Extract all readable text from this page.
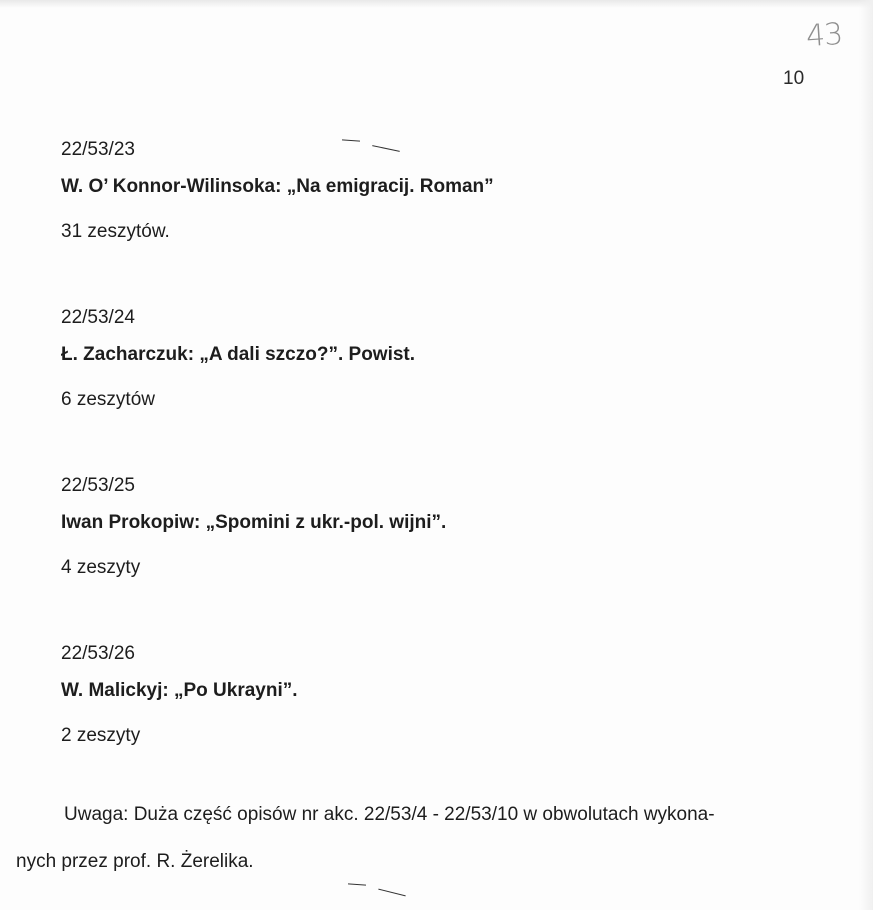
43
10
22/53/23
W. O’ Konnor-Wilinsoka: „Na emigracij. Roman”
31 zeszytów.
22/53/24
Ł. Zacharczuk: „A dali szczo?”. Powist.
6 zeszytów
22/53/25
Iwan Prokopiw: „Spomini z ukr.-pol. wijni”.
4 zeszyty
22/53/26
W. Malickyj: „Po Ukrayni”.
2 zeszyty
Uwaga: Duża część opisów nr akc. 22/53/4 - 22/53/10 w obwolutach wykona-
nych przez prof. R. Żerelika.
